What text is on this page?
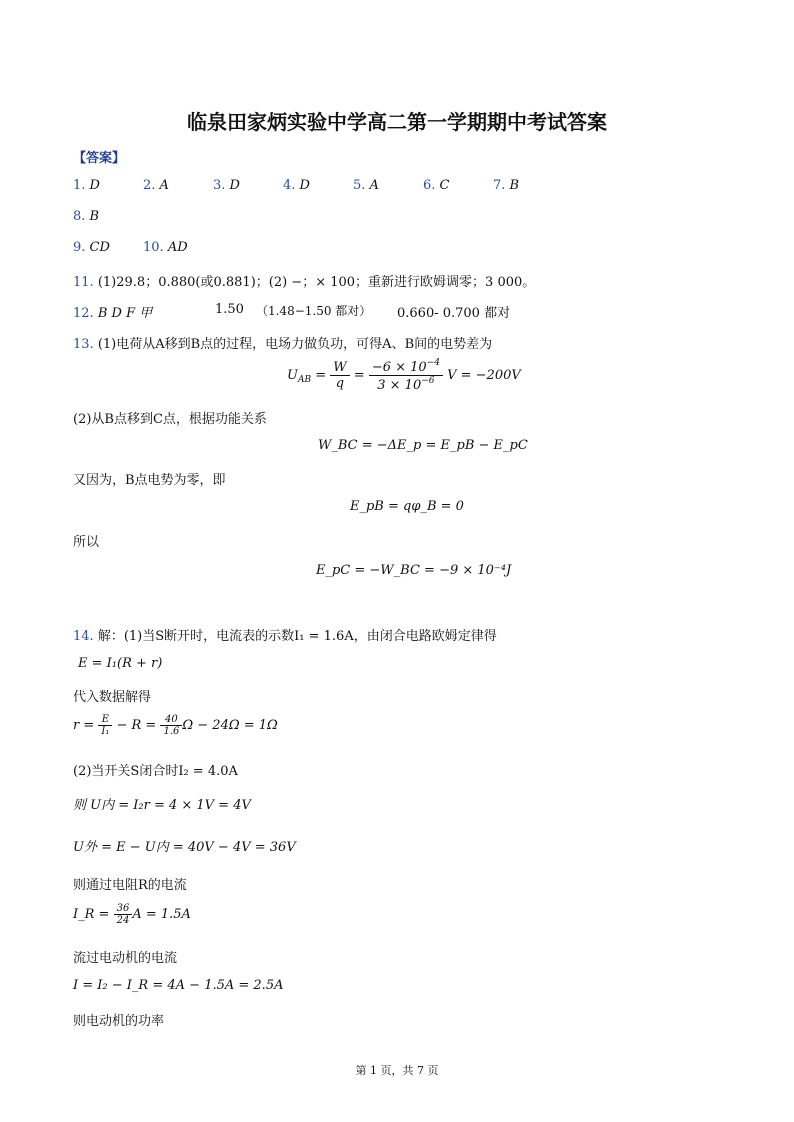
临泉田家炳实验中学高二第一学期期中考试答案
【答案】
1. D	2. A	3. D	4. D	5. A	6. C	7. B
8. B
9. CD	10. AD
11. (1)29.8；0.880(或0.881)；(2) −；× 100；重新进行欧姆调零；3 000。
12. B D F 甲	1.50 （1.48−1.50 都对） 0.660- 0.700 都对
13. (1)电荷从A移到B点的过程，电场力做负功，可得A、B间的电势差为
$U_{AB} = \frac{W}{q} = \frac{-6 \times 10^{-4}}{3 \times 10^{-6}}$ V = −200V
(2)从B点移到C点，根据功能关系
W_BC = −ΔE_p = E_pB − E_pC
又因为，B点电势为零，即
E_pB = qφ_B = 0
所以
E_pC = −W_BC = −9 × 10⁻⁴J
14. 解：(1)当S断开时，电流表的示数I₁ = 1.6A，由闭合电路欧姆定律得
E = I₁(R + r)
代入数据解得
$r = \frac{E}{\text{I₁}} - R = \frac{40}{1.6}$ Ω − 24Ω = 1Ω
(2)当开关S闭合时I₂ = 4.0A
则 U内 = I₂r = 4 × 1V = 4V
U外 = E − U内 = 40V − 4V = 36V
则通过电阻R的电流
I_R = $\frac{36}{24}$ A = 1.5A
流过电动机的电流
I = I₂ − I_R = 4A − 1.5A = 2.5A
则电动机的功率
第 1 页，共 7 页
